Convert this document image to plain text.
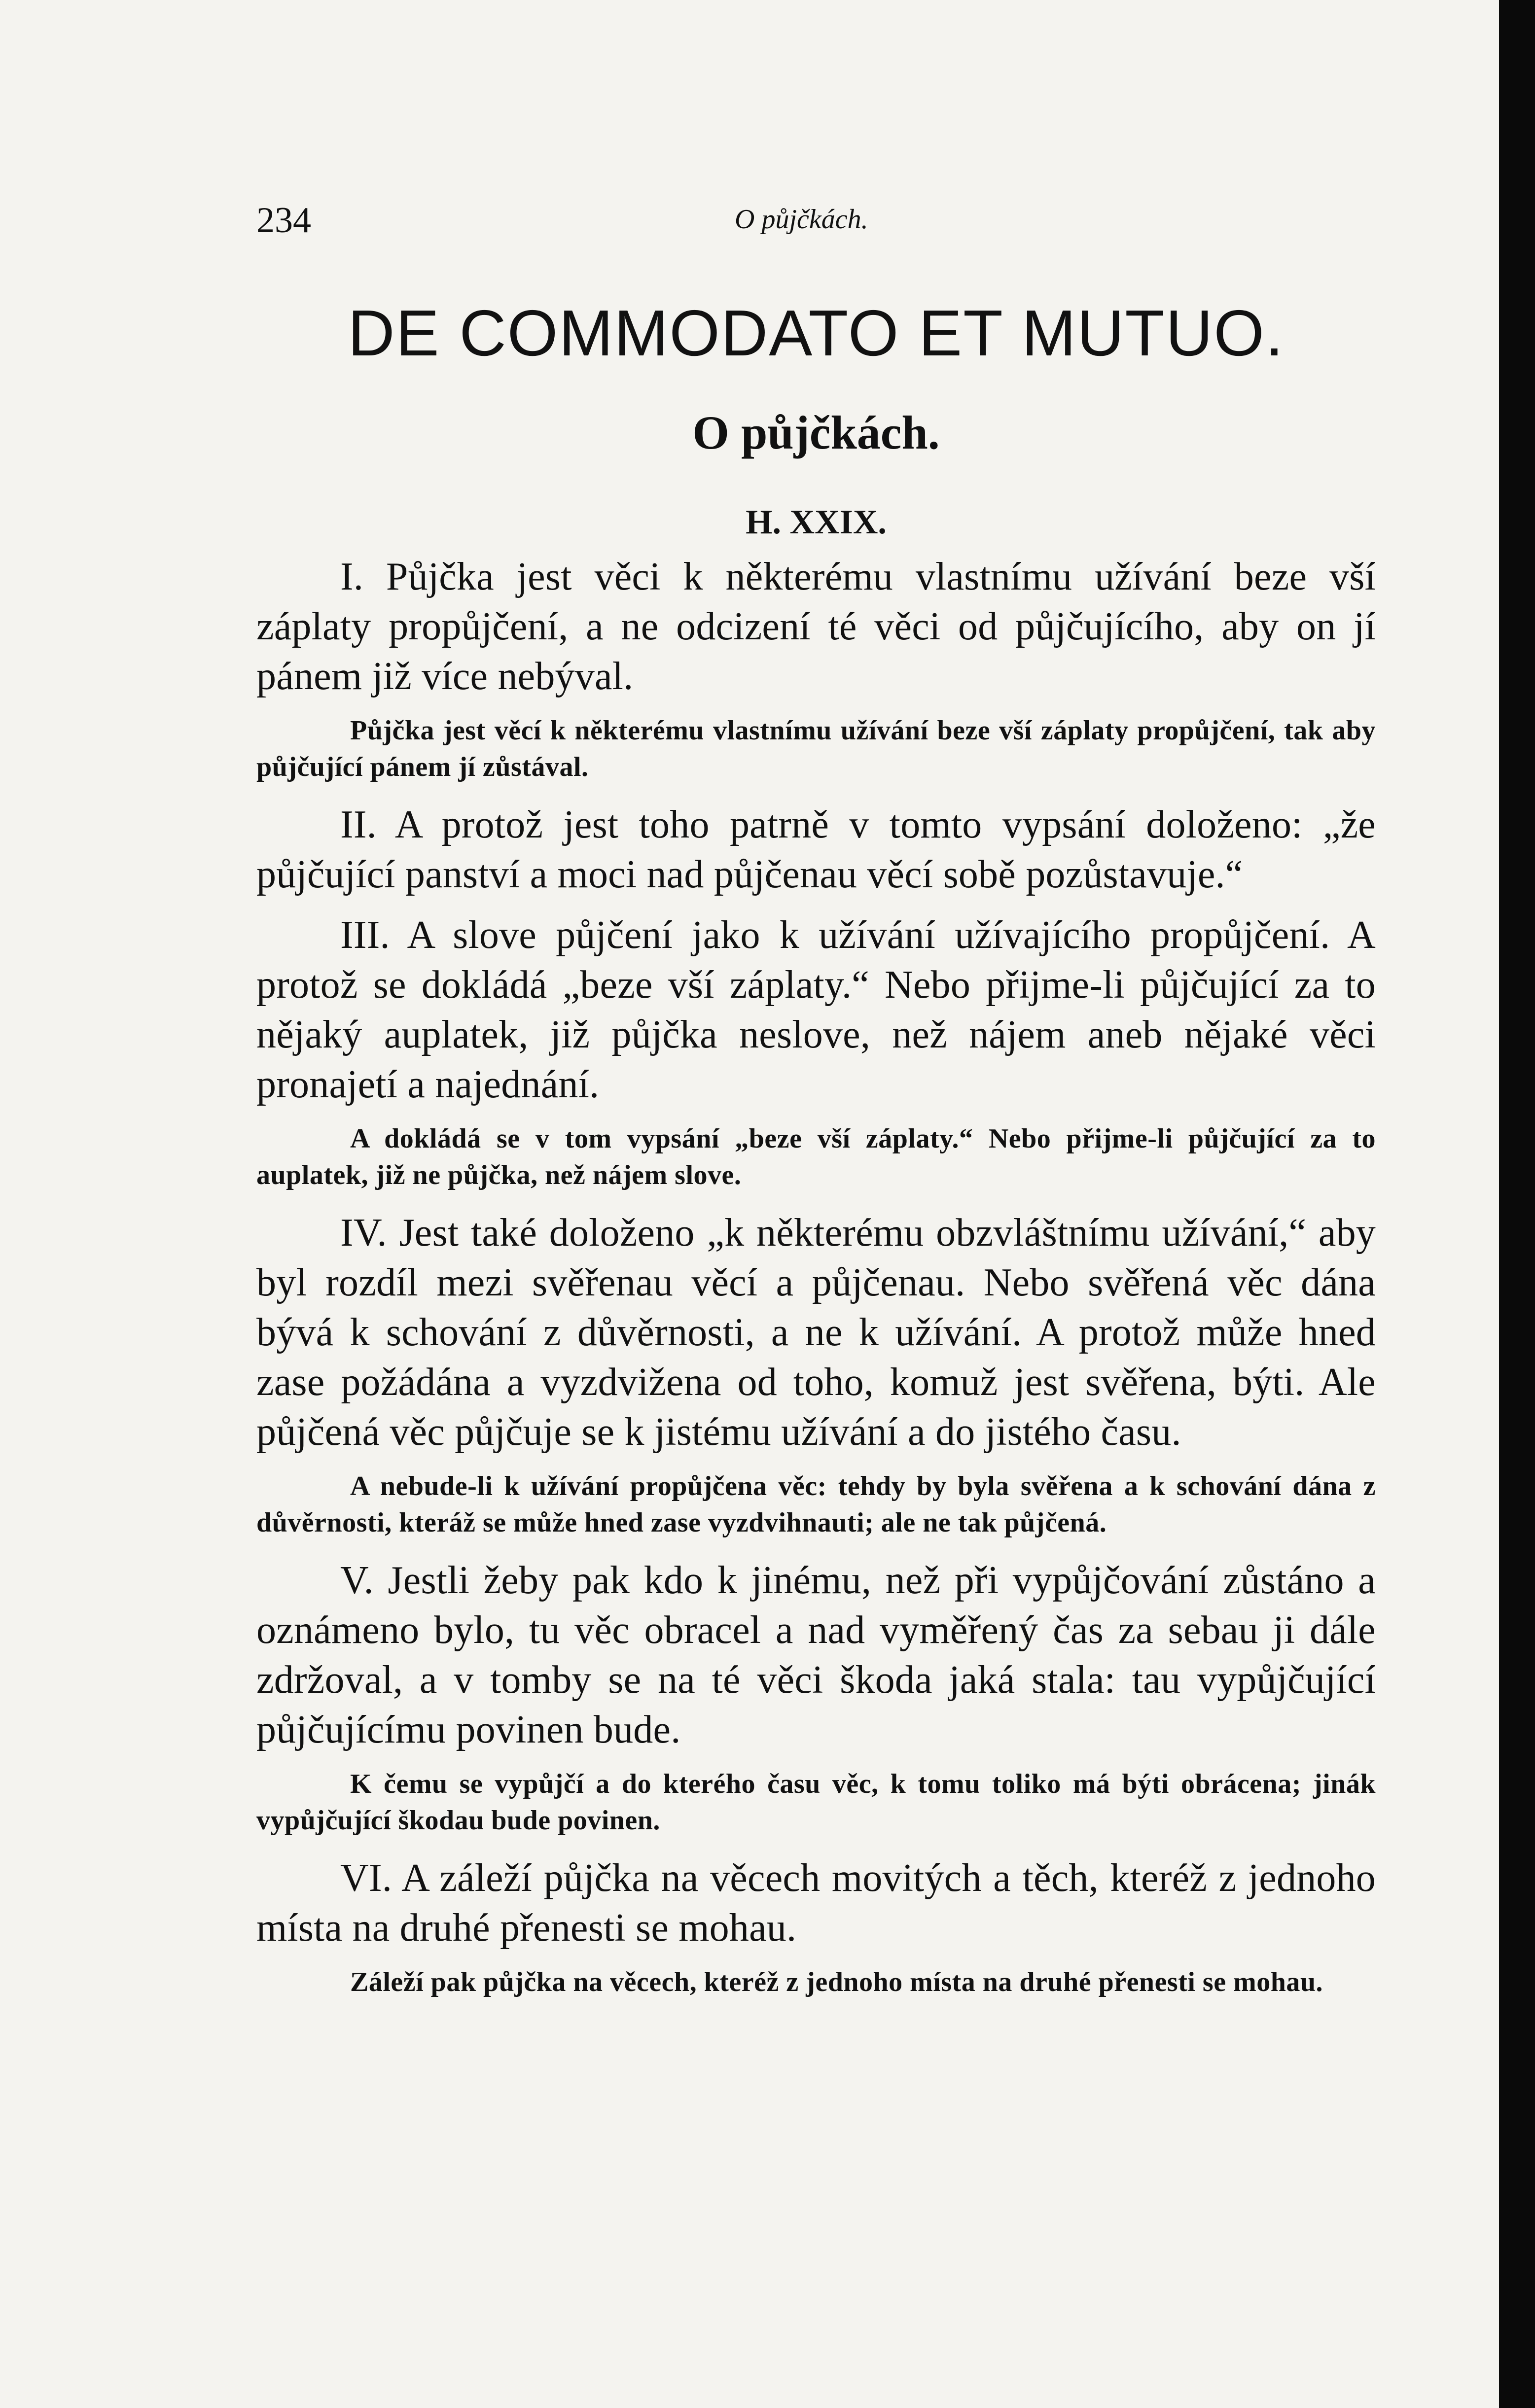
234	O půjčkách.
DE COMMODATO ET MUTUO.
O půjčkách.
H. XXIX.

I. Půjčka jest věci k některému vlastnímu užívání beze vší záplaty propůjčení, a ne odcizení té věci od půjčujícího, aby on jí pánem již více nebýval.

Půjčka jest věcí k některému vlastnímu užívání beze vší záplaty propůjčení, tak aby půjčující pánem jí zůstával.

II. A protož jest toho patrně v tomto vypsání doloženo: „že půjčující panství a moci nad půjčenau věcí sobě pozůstavuje.“

III. A slove půjčení jako k užívání užívajícího propůjčení. A protož se dokládá „beze vší záplaty.“ Nebo přijme-li půjčující za to nějaký auplatek, již půjčka neslove, než nájem aneb nějaké věci pronajetí a najednání.

A dokládá se v tom vypsání „beze vší záplaty.“ Nebo přijme-li půjčující za to auplatek, již ne půjčka, než nájem slove.

IV. Jest také doloženo „k některému obzvláštnímu užívání,“ aby byl rozdíl mezi svěřenau věcí a půjčenau. Nebo svěřená věc dána bývá k schování z důvěrnosti, a ne k užívání. A protož může hned zase požádána a vyzdvižena od toho, komuž jest svěřena, býti. Ale půjčená věc půjčuje se k jistému užívání a do jistého času.

A nebude-li k užívání propůjčena věc: tehdy by byla svěřena a k schování dána z důvěrnosti, kteráž se může hned zase vyzdvihnauti; ale ne tak půjčená.

V. Jestli žeby pak kdo k jinému, než při vypůjčování zůstáno a oznámeno bylo, tu věc obracel a nad vyměřený čas za sebau ji dále zdržoval, a v tomby se na té věci škoda jaká stala: tau vypůjčující půjčujícímu povinen bude.

K čemu se vypůjčí a do kterého času věc, k tomu toliko má býti obrácena; jinák vypůjčující škodau bude povinen.

VI. A záleží půjčka na věcech movitých a těch, kteréž z jednoho místa na druhé přenesti se mohau.

Záleží pak půjčka na věcech, kteréž z jednoho místa na druhé přenesti se mohau.
